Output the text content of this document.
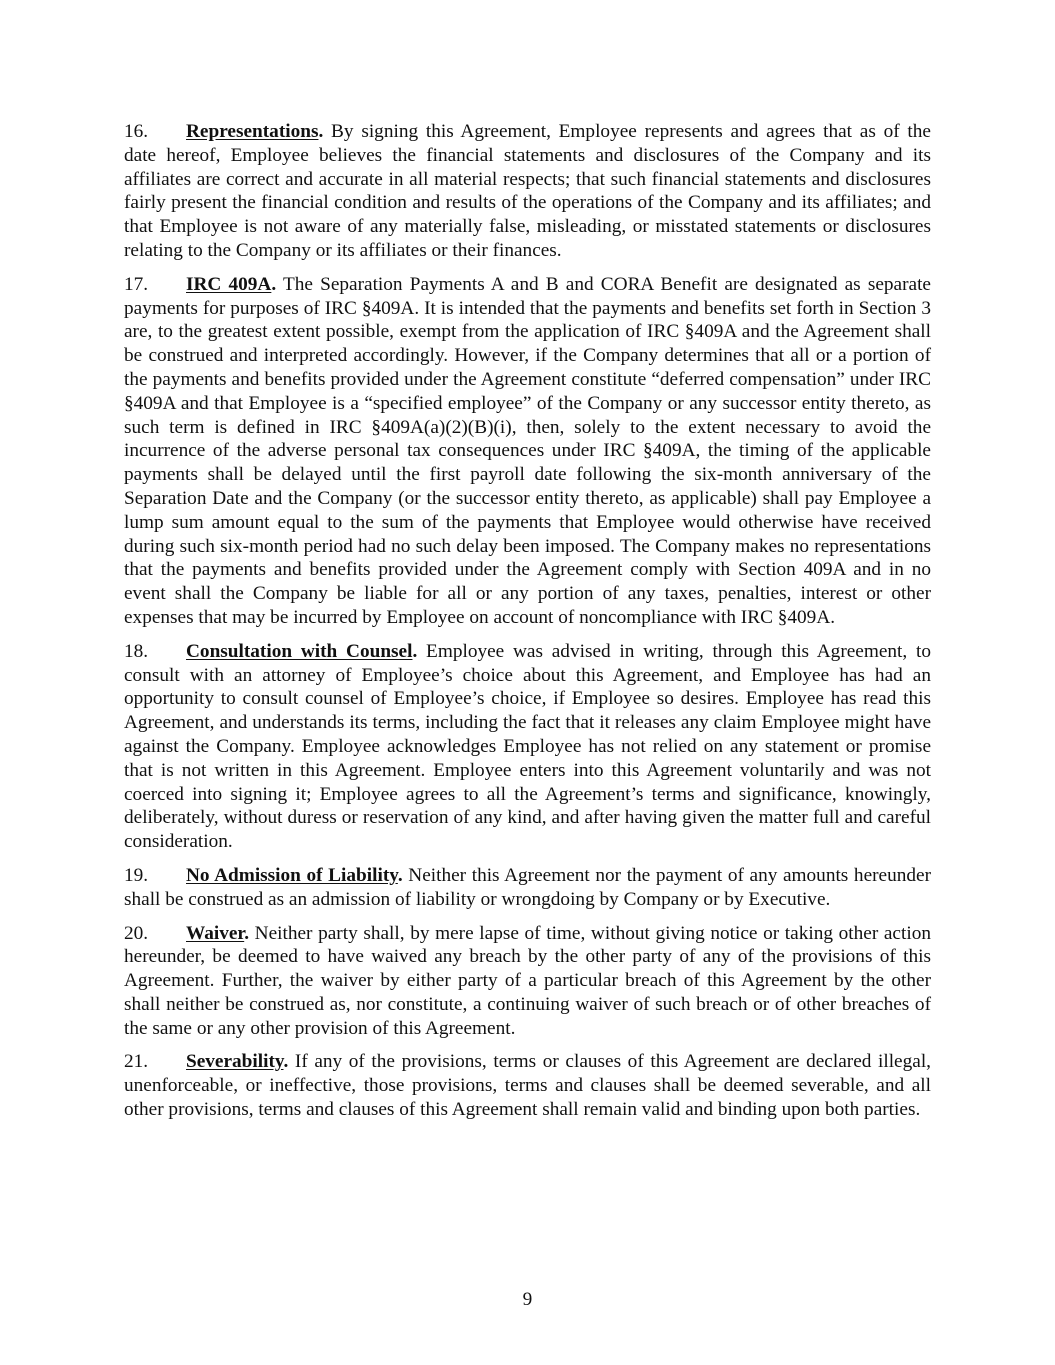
16. Representations. By signing this Agreement, Employee represents and agrees that as of the date hereof, Employee believes the financial statements and disclosures of the Company and its affiliates are correct and accurate in all material respects; that such financial statements and disclosures fairly present the financial condition and results of the operations of the Company and its affiliates; and that Employee is not aware of any materially false, misleading, or misstated statements or disclosures relating to the Company or its affiliates or their finances.

17. IRC 409A. The Separation Payments A and B and CORA Benefit are designated as separate payments for purposes of IRC §409A. It is intended that the payments and benefits set forth in Section 3 are, to the greatest extent possible, exempt from the application of IRC §409A and the Agreement shall be construed and interpreted accordingly. However, if the Company determines that all or a portion of the payments and benefits provided under the Agreement constitute “deferred compensation” under IRC §409A and that Employee is a “specified employee” of the Company or any successor entity thereto, as such term is defined in IRC §409A(a)(2)(B)(i), then, solely to the extent necessary to avoid the incurrence of the adverse personal tax consequences under IRC §409A, the timing of the applicable payments shall be delayed until the first payroll date following the six-month anniversary of the Separation Date and the Company (or the successor entity thereto, as applicable) shall pay Employee a lump sum amount equal to the sum of the payments that Employee would otherwise have received during such six-month period had no such delay been imposed. The Company makes no representations that the payments and benefits provided under the Agreement comply with Section 409A and in no event shall the Company be liable for all or any portion of any taxes, penalties, interest or other expenses that may be incurred by Employee on account of noncompliance with IRC §409A.

18. Consultation with Counsel. Employee was advised in writing, through this Agreement, to consult with an attorney of Employee’s choice about this Agreement, and Employee has had an opportunity to consult counsel of Employee’s choice, if Employee so desires. Employee has read this Agreement, and understands its terms, including the fact that it releases any claim Employee might have against the Company. Employee acknowledges Employee has not relied on any statement or promise that is not written in this Agreement. Employee enters into this Agreement voluntarily and was not coerced into signing it; Employee agrees to all the Agreement’s terms and significance, knowingly, deliberately, without duress or reservation of any kind, and after having given the matter full and careful consideration.

19. No Admission of Liability. Neither this Agreement nor the payment of any amounts hereunder shall be construed as an admission of liability or wrongdoing by Company or by Executive.

20. Waiver. Neither party shall, by mere lapse of time, without giving notice or taking other action hereunder, be deemed to have waived any breach by the other party of any of the provisions of this Agreement. Further, the waiver by either party of a particular breach of this Agreement by the other shall neither be construed as, nor constitute, a continuing waiver of such breach or of other breaches of the same or any other provision of this Agreement.

21. Severability. If any of the provisions, terms or clauses of this Agreement are declared illegal, unenforceable, or ineffective, those provisions, terms and clauses shall be deemed severable, and all other provisions, terms and clauses of this Agreement shall remain valid and binding upon both parties.

9
